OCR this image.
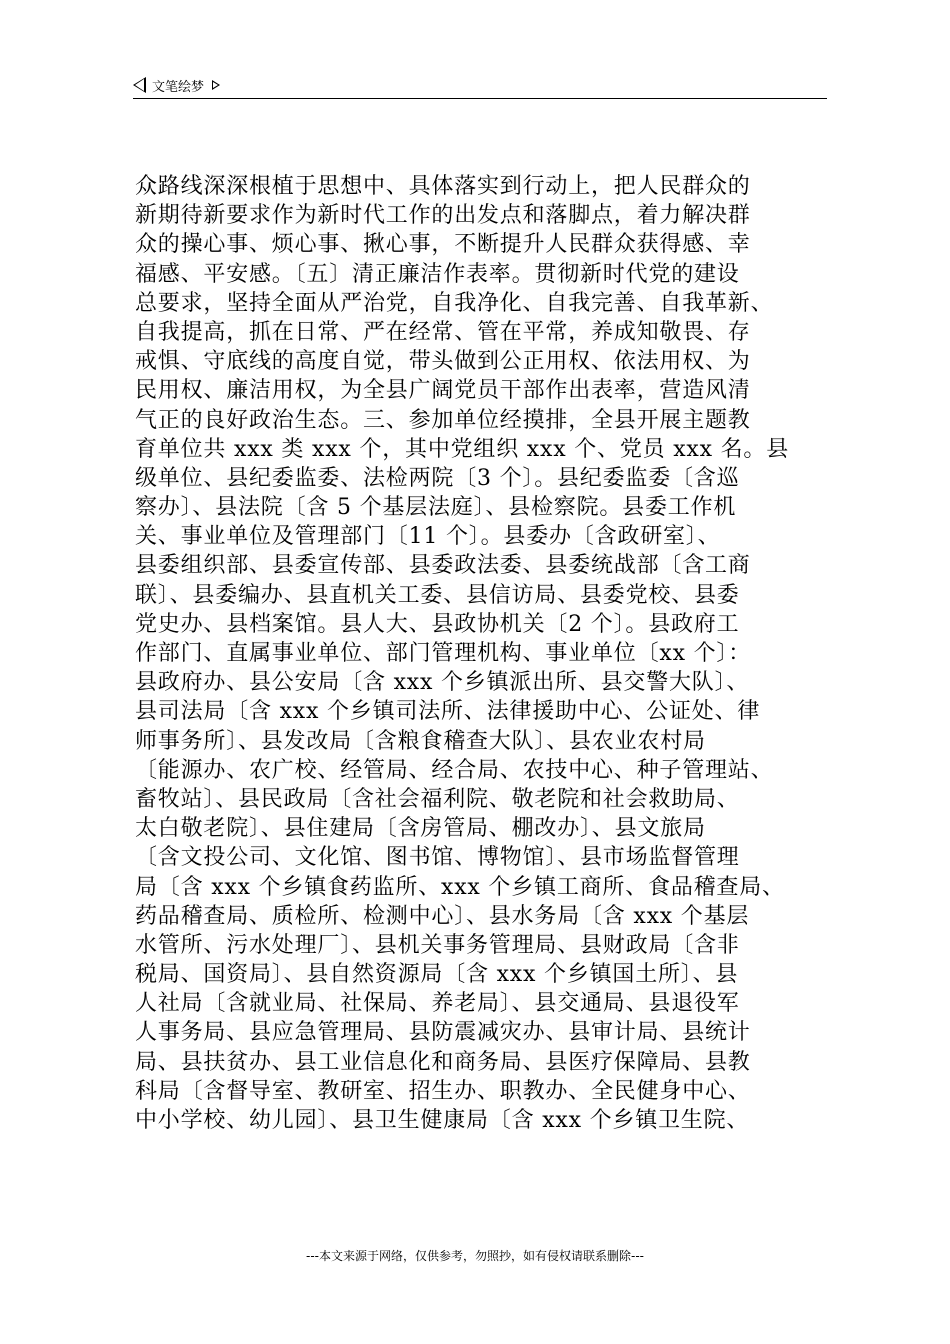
文笔绘梦
众路线深深根植于思想中、具体落实到行动上，把人民群众的
新期待新要求作为新时代工作的出发点和落脚点，着力解决群
众的操心事、烦心事、揪心事，不断提升人民群众获得感、幸
福感、平安感。〔五〕清正廉洁作表率。贯彻新时代党的建设
总要求，坚持全面从严治党，自我净化、自我完善、自我革新、
自我提高，抓在日常、严在经常、管在平常，养成知敬畏、存
戒惧、守底线的高度自觉，带头做到公正用权、依法用权、为
民用权、廉洁用权，为全县广阔党员干部作出表率，营造风清
气正的良好政治生态。三、参加单位经摸排，全县开展主题教
育单位共 xxx 类 xxx 个，其中党组织 xxx 个、党员 xxx 名。县
级单位、县纪委监委、法检两院〔3 个〕。县纪委监委〔含巡
察办〕、县法院〔含 5 个基层法庭〕、县检察院。县委工作机
关、事业单位及管理部门〔11 个〕。县委办〔含政研室〕、
县委组织部、县委宣传部、县委政法委、县委统战部〔含工商
联〕、县委编办、县直机关工委、县信访局、县委党校、县委
党史办、县档案馆。县人大、县政协机关〔2 个〕。县政府工
作部门、直属事业单位、部门管理机构、事业单位〔xx 个〕：
县政府办、县公安局〔含 xxx 个乡镇派出所、县交警大队〕、
县司法局〔含 xxx 个乡镇司法所、法律援助中心、公证处、律
师事务所〕、县发改局〔含粮食稽查大队〕、县农业农村局
〔能源办、农广校、经管局、经合局、农技中心、种子管理站、
畜牧站〕、县民政局〔含社会福利院、敬老院和社会救助局、
太白敬老院〕、县住建局〔含房管局、棚改办〕、县文旅局
〔含文投公司、文化馆、图书馆、博物馆〕、县市场监督管理
局〔含 xxx 个乡镇食药监所、xxx 个乡镇工商所、食品稽查局、
药品稽查局、质检所、检测中心〕、县水务局〔含 xxx 个基层
水管所、污水处理厂〕、县机关事务管理局、县财政局〔含非
税局、国资局〕、县自然资源局〔含 xxx 个乡镇国土所〕、县
人社局〔含就业局、社保局、养老局〕、县交通局、县退役军
人事务局、县应急管理局、县防震减灾办、县审计局、县统计
局、县扶贫办、县工业信息化和商务局、县医疗保障局、县教
科局〔含督导室、教研室、招生办、职教办、全民健身中心、
中小学校、幼儿园〕、县卫生健康局〔含 xxx 个乡镇卫生院、
---本文来源于网络，仅供参考，勿照抄，如有侵权请联系删除---
